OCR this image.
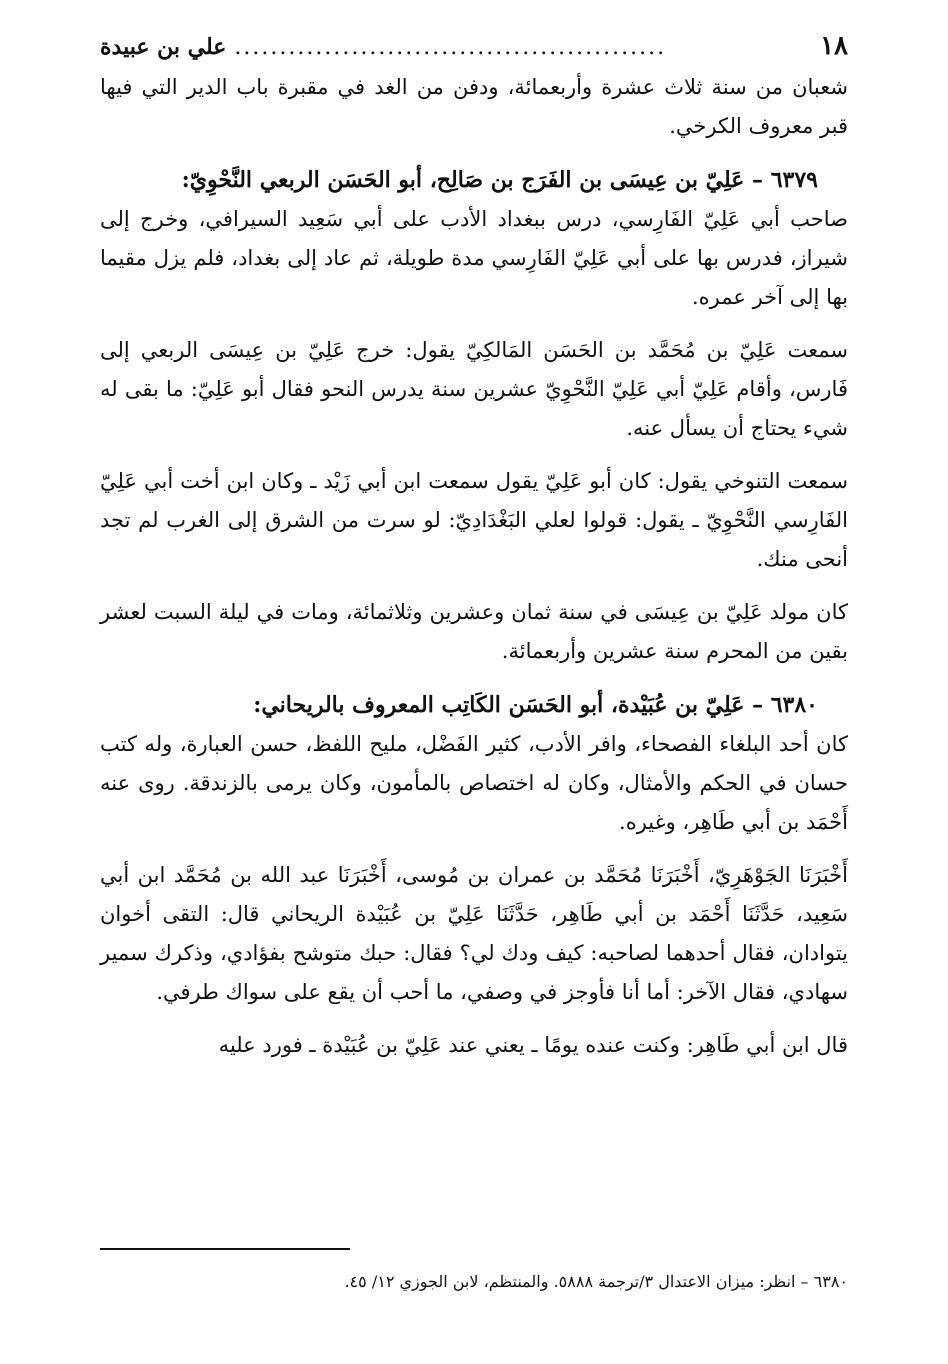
١٨
................................................
علي بن عبيدة

شعبان من سنة ثلاث عشرة وأربعمائة، ودفن من الغد في مقبرة باب الدير التي فيها قبر معروف الكرخي.

٦٣٧٩ – عَلِيّ بن عِيسَى بن الفَرَج بن صَالِح، أبو الحَسَن الربعي النَّحْوِيّ:

صاحب أبي عَلِيّ الفَارِسي، درس ببغداد الأدب على أبي سَعِيد السيرافي، وخرج إلى شيراز، فدرس بها على أبي عَلِيّ الفَارِسي مدة طويلة، ثم عاد إلى بغداد، فلم يزل مقيما بها إلى آخر عمره.

سمعت عَلِيّ بن مُحَمَّد بن الحَسَن المَالكِيّ يقول: خرج عَلِيّ بن عِيسَى الربعي إلى فَارس، وأقام عَلِيّ أبي عَلِيّ النَّحْوِيّ عشرين سنة يدرس النحو فقال أبو عَلِيّ: ما بقى له شيء يحتاج أن يسأل عنه.

سمعت التنوخي يقول: كان أبو عَلِيّ يقول سمعت ابن أبي زَيْد ـ وكان ابن أخت أبي عَلِيّ الفَارِسي النَّحْوِيّ ـ يقول: قولوا لعلي البَغْدَادِيّ: لو سرت من الشرق إلى الغرب لم تجد أنحى منك.

كان مولد عَلِيّ بن عِيسَى في سنة ثمان وعشرين وثلاثمائة، ومات في ليلة السبت لعشر بقين من المحرم سنة عشرين وأربعمائة.

٦٣٨٠ – عَلِيّ بن عُبَيْدة، أبو الحَسَن الكَاتِب المعروف بالريحاني:

كان أحد البلغاء الفصحاء، وافر الأدب، كثير الفَضْل، مليح اللفظ، حسن العبارة، وله كتب حسان في الحكم والأمثال، وكان له اختصاص بالمأمون، وكان يرمى بالزندقة. روى عنه أَحْمَد بن أبي طَاهِر، وغيره.

أَخْبَرَنَا الجَوْهَرِيّ، أَخْبَرَنَا مُحَمَّد بن عمران بن مُوسى، أَخْبَرَنَا عبد الله بن مُحَمَّد ابن أبي سَعِيد، حَدَّثَنَا أَحْمَد بن أبي طَاهِر، حَدَّثَنَا عَلِيّ بن عُبَيْدة الريحاني قال: التقى أخوان يتوادان، فقال أحدهما لصاحبه: كيف ودك لي؟ فقال: حبك متوشح بفؤادي، وذكرك سمير سهادي، فقال الآخر: أما أنا فأوجز في وصفي، ما أحب أن يقع على سواك طرفي.

قال ابن أبي طَاهِر: وكنت عنده يومًا ـ يعني عند عَلِيّ بن عُبَيْدة ـ فورد عليه

٦٣٨٠ – انظر: ميزان الاعتدال ٣/ترجمة ٥٨٨٨. والمنتظم، لابن الجوزي ١٢/ ٤٥.
